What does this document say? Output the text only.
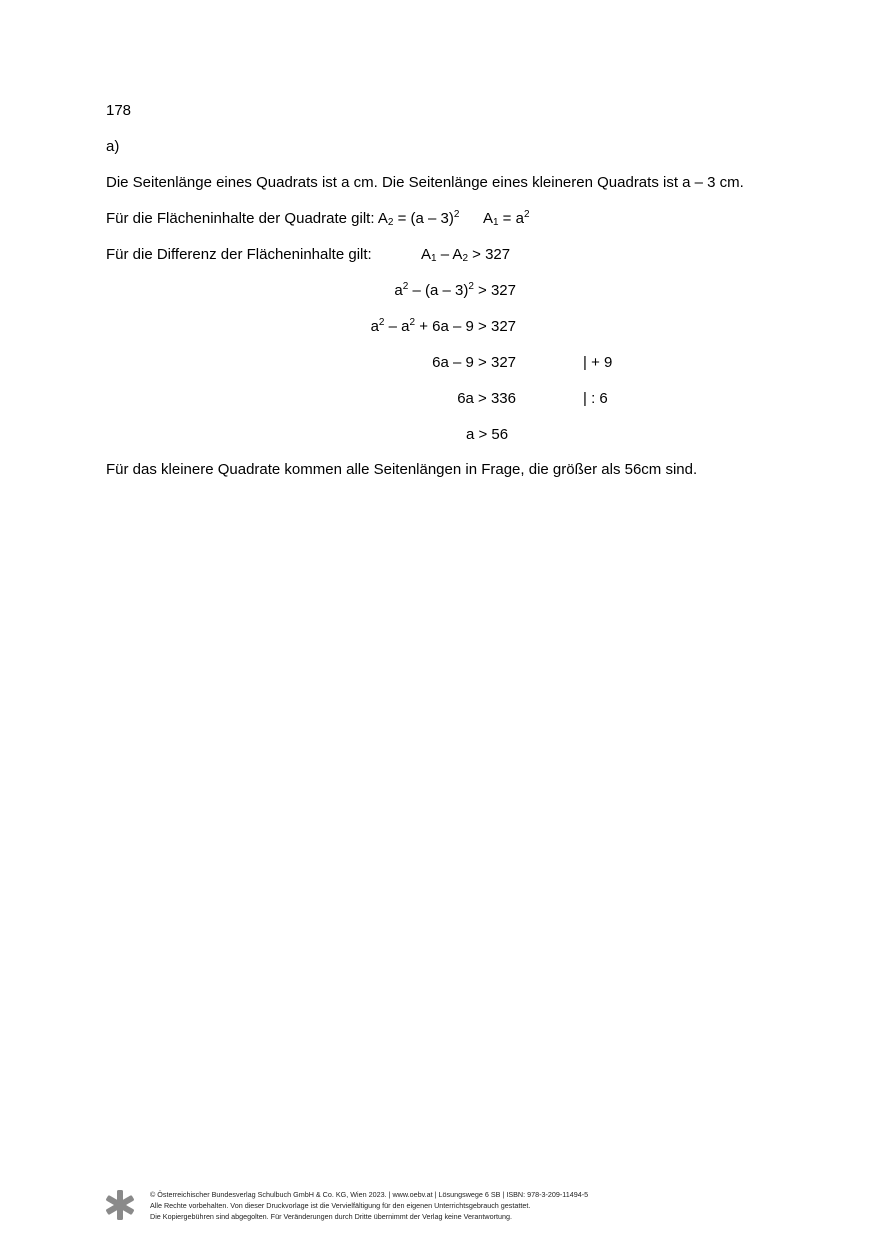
178
a)
Die Seitenlänge eines Quadrats ist a cm. Die Seitenlänge eines kleineren Quadrats ist a – 3 cm.
Für die Flächeninhalte der Quadrate gilt: $A_2 = (a - 3)^2$ $A_1 = a^2$
Für die Differenz der Flächeninhalte gilt:	$A_1 - A_2 > 327$
$a^2 - (a - 3)^2 > 327$
$a^2 - a^2 + 6a - 9 > 327$
6a – 9 > 327	| + 9
6a > 336	| : 6
a > 56
Für das kleinere Quadrate kommen alle Seitenlängen in Frage, die größer als 56cm sind.
© Österreichischer Bundesverlag Schulbuch GmbH & Co. KG, Wien 2023. | www.oebv.at | Lösungswege 6 SB | ISBN: 978-3-209-11494-5
Alle Rechte vorbehalten. Von dieser Druckvorlage ist die Vervielfältigung für den eigenen Unterrichtsgebrauch gestattet.
Die Kopiergebühren sind abgegolten. Für Veränderungen durch Dritte übernimmt der Verlag keine Verantwortung.
